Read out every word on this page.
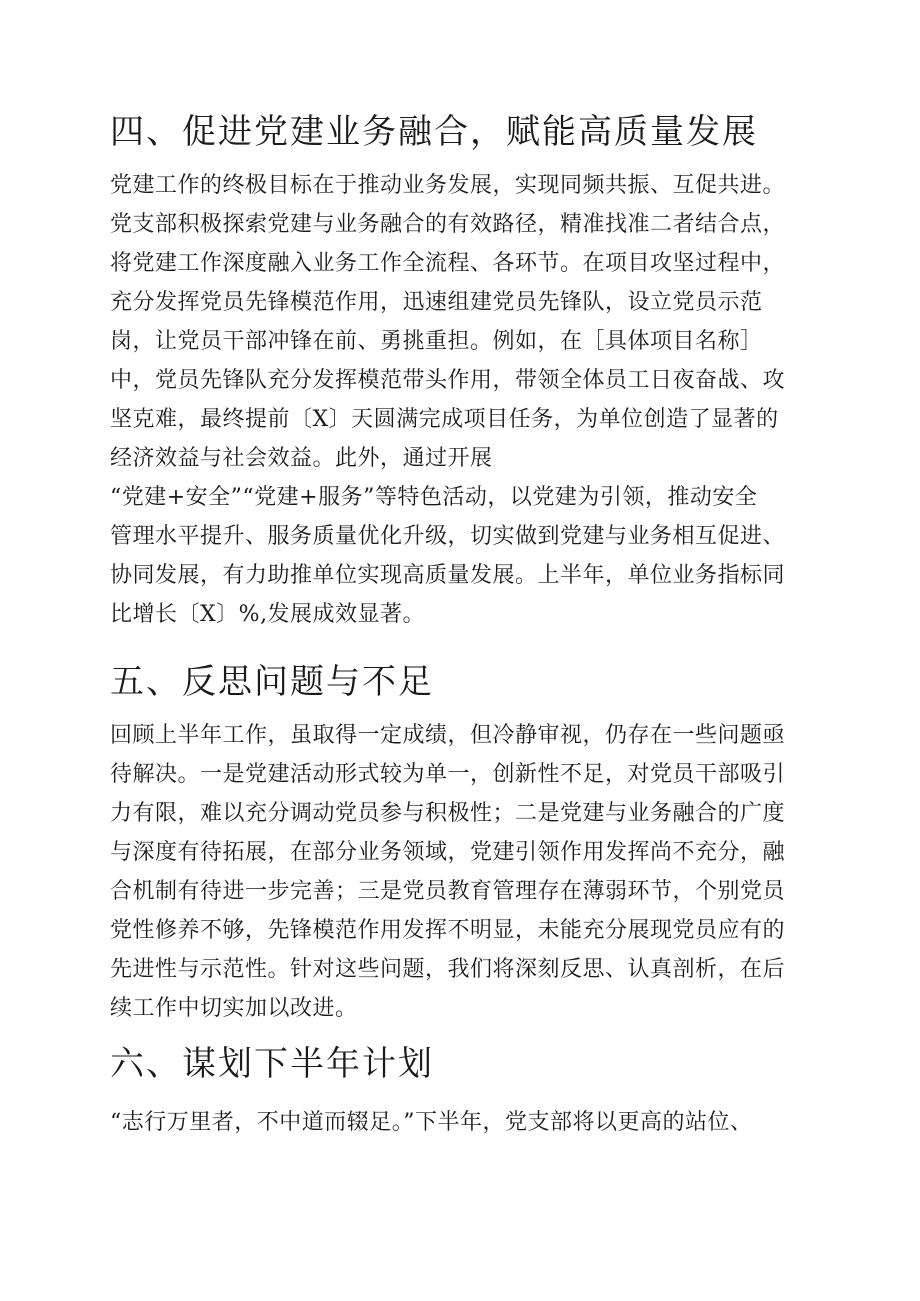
四、促进党建业务融合，赋能高质量发展
党建工作的终极目标在于推动业务发展，实现同频共振、互促共进。
党支部积极探索党建与业务融合的有效路径，精准找准二者结合点，
将党建工作深度融入业务工作全流程、各环节。在项目攻坚过程中，
充分发挥党员先锋模范作用，迅速组建党员先锋队，设立党员示范
岗，让党员干部冲锋在前、勇挑重担。例如，在［具体项目名称］
中，党员先锋队充分发挥模范带头作用，带领全体员工日夜奋战、攻
坚克难，最终提前〔X〕天圆满完成项目任务，为单位创造了显著的
经济效益与社会效益。此外，通过开展
“党建+安全”“党建+服务”等特色活动，以党建为引领，推动安全
管理水平提升、服务质量优化升级，切实做到党建与业务相互促进、
协同发展，有力助推单位实现高质量发展。上半年，单位业务指标同
比增长〔X〕%,发展成效显著。
五、反思问题与不足
回顾上半年工作，虽取得一定成绩，但冷静审视，仍存在一些问题亟
待解决。一是党建活动形式较为单一，创新性不足，对党员干部吸引
力有限，难以充分调动党员参与积极性；二是党建与业务融合的广度
与深度有待拓展，在部分业务领域，党建引领作用发挥尚不充分，融
合机制有待进一步完善；三是党员教育管理存在薄弱环节，个别党员
党性修养不够，先锋模范作用发挥不明显，未能充分展现党员应有的
先进性与示范性。针对这些问题，我们将深刻反思、认真剖析，在后
续工作中切实加以改进。
六、谋划下半年计划
“志行万里者，不中道而辍足。”下半年，党支部将以更高的站位、
